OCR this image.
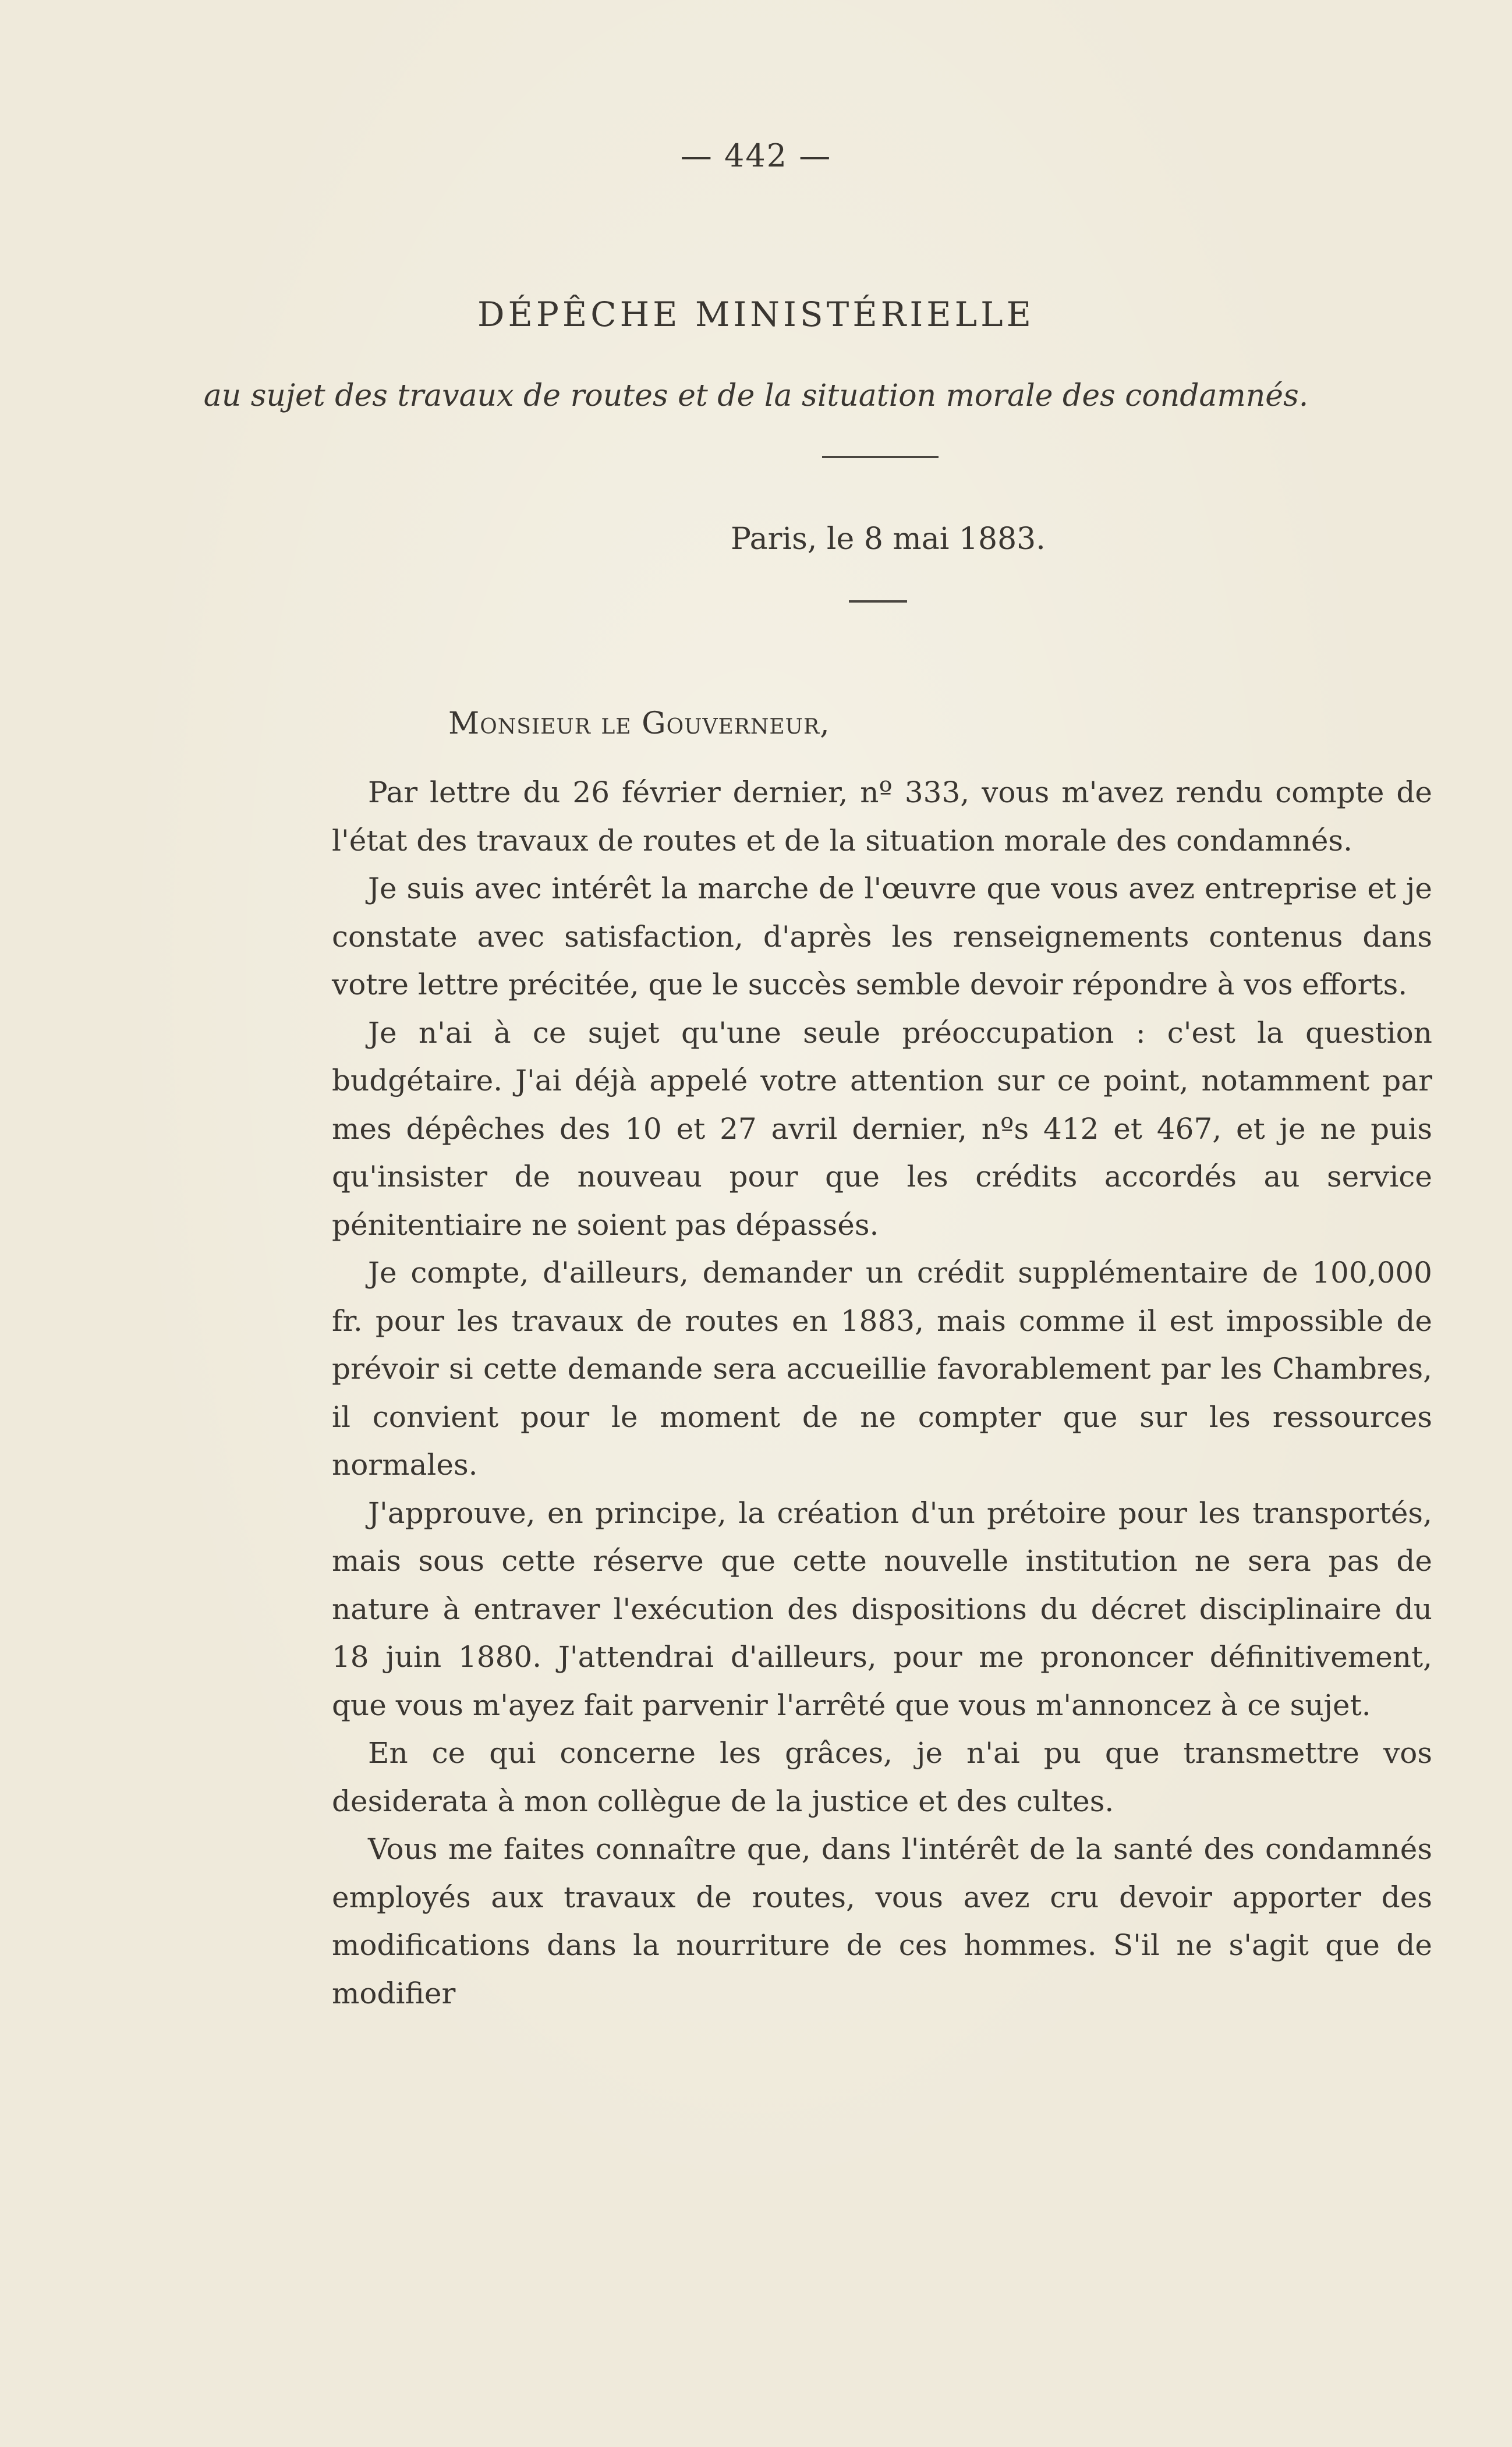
— 442 —
DÉPÊCHE MINISTÉRIELLE
au sujet des travaux de routes et de la situation morale des condamnés.
Paris, le 8 mai 1883.
Monsieur le Gouverneur,

Par lettre du 26 février dernier, nº 333, vous m'avez rendu compte de l'état des travaux de routes et de la situation morale des condamnés.

Je suis avec intérêt la marche de l'œuvre que vous avez entreprise et je constate avec satisfaction, d'après les renseignements contenus dans votre lettre précitée, que le succès semble devoir répondre à vos efforts.

Je n'ai à ce sujet qu'une seule préoccupation : c'est la question budgétaire. J'ai déjà appelé votre attention sur ce point, notamment par mes dépêches des 10 et 27 avril dernier, nºs 412 et 467, et je ne puis qu'insister de nouveau pour que les crédits accordés au service pénitentiaire ne soient pas dépassés.

Je compte, d'ailleurs, demander un crédit supplémentaire de 100,000 fr. pour les travaux de routes en 1883, mais comme il est impossible de prévoir si cette demande sera accueillie favorablement par les Chambres, il convient pour le moment de ne compter que sur les ressources normales.

J'approuve, en principe, la création d'un prétoire pour les transportés, mais sous cette réserve que cette nouvelle institution ne sera pas de nature à entraver l'exécution des dispositions du décret disciplinaire du 18 juin 1880. J'attendrai d'ailleurs, pour me prononcer définitivement, que vous m'ayez fait parvenir l'arrêté que vous m'annoncez à ce sujet.

En ce qui concerne les grâces, je n'ai pu que transmettre vos desiderata à mon collègue de la justice et des cultes.

Vous me faites connaître que, dans l'intérêt de la santé des condamnés employés aux travaux de routes, vous avez cru devoir apporter des modifications dans la nourriture de ces hommes. S'il ne s'agit que de modifier
